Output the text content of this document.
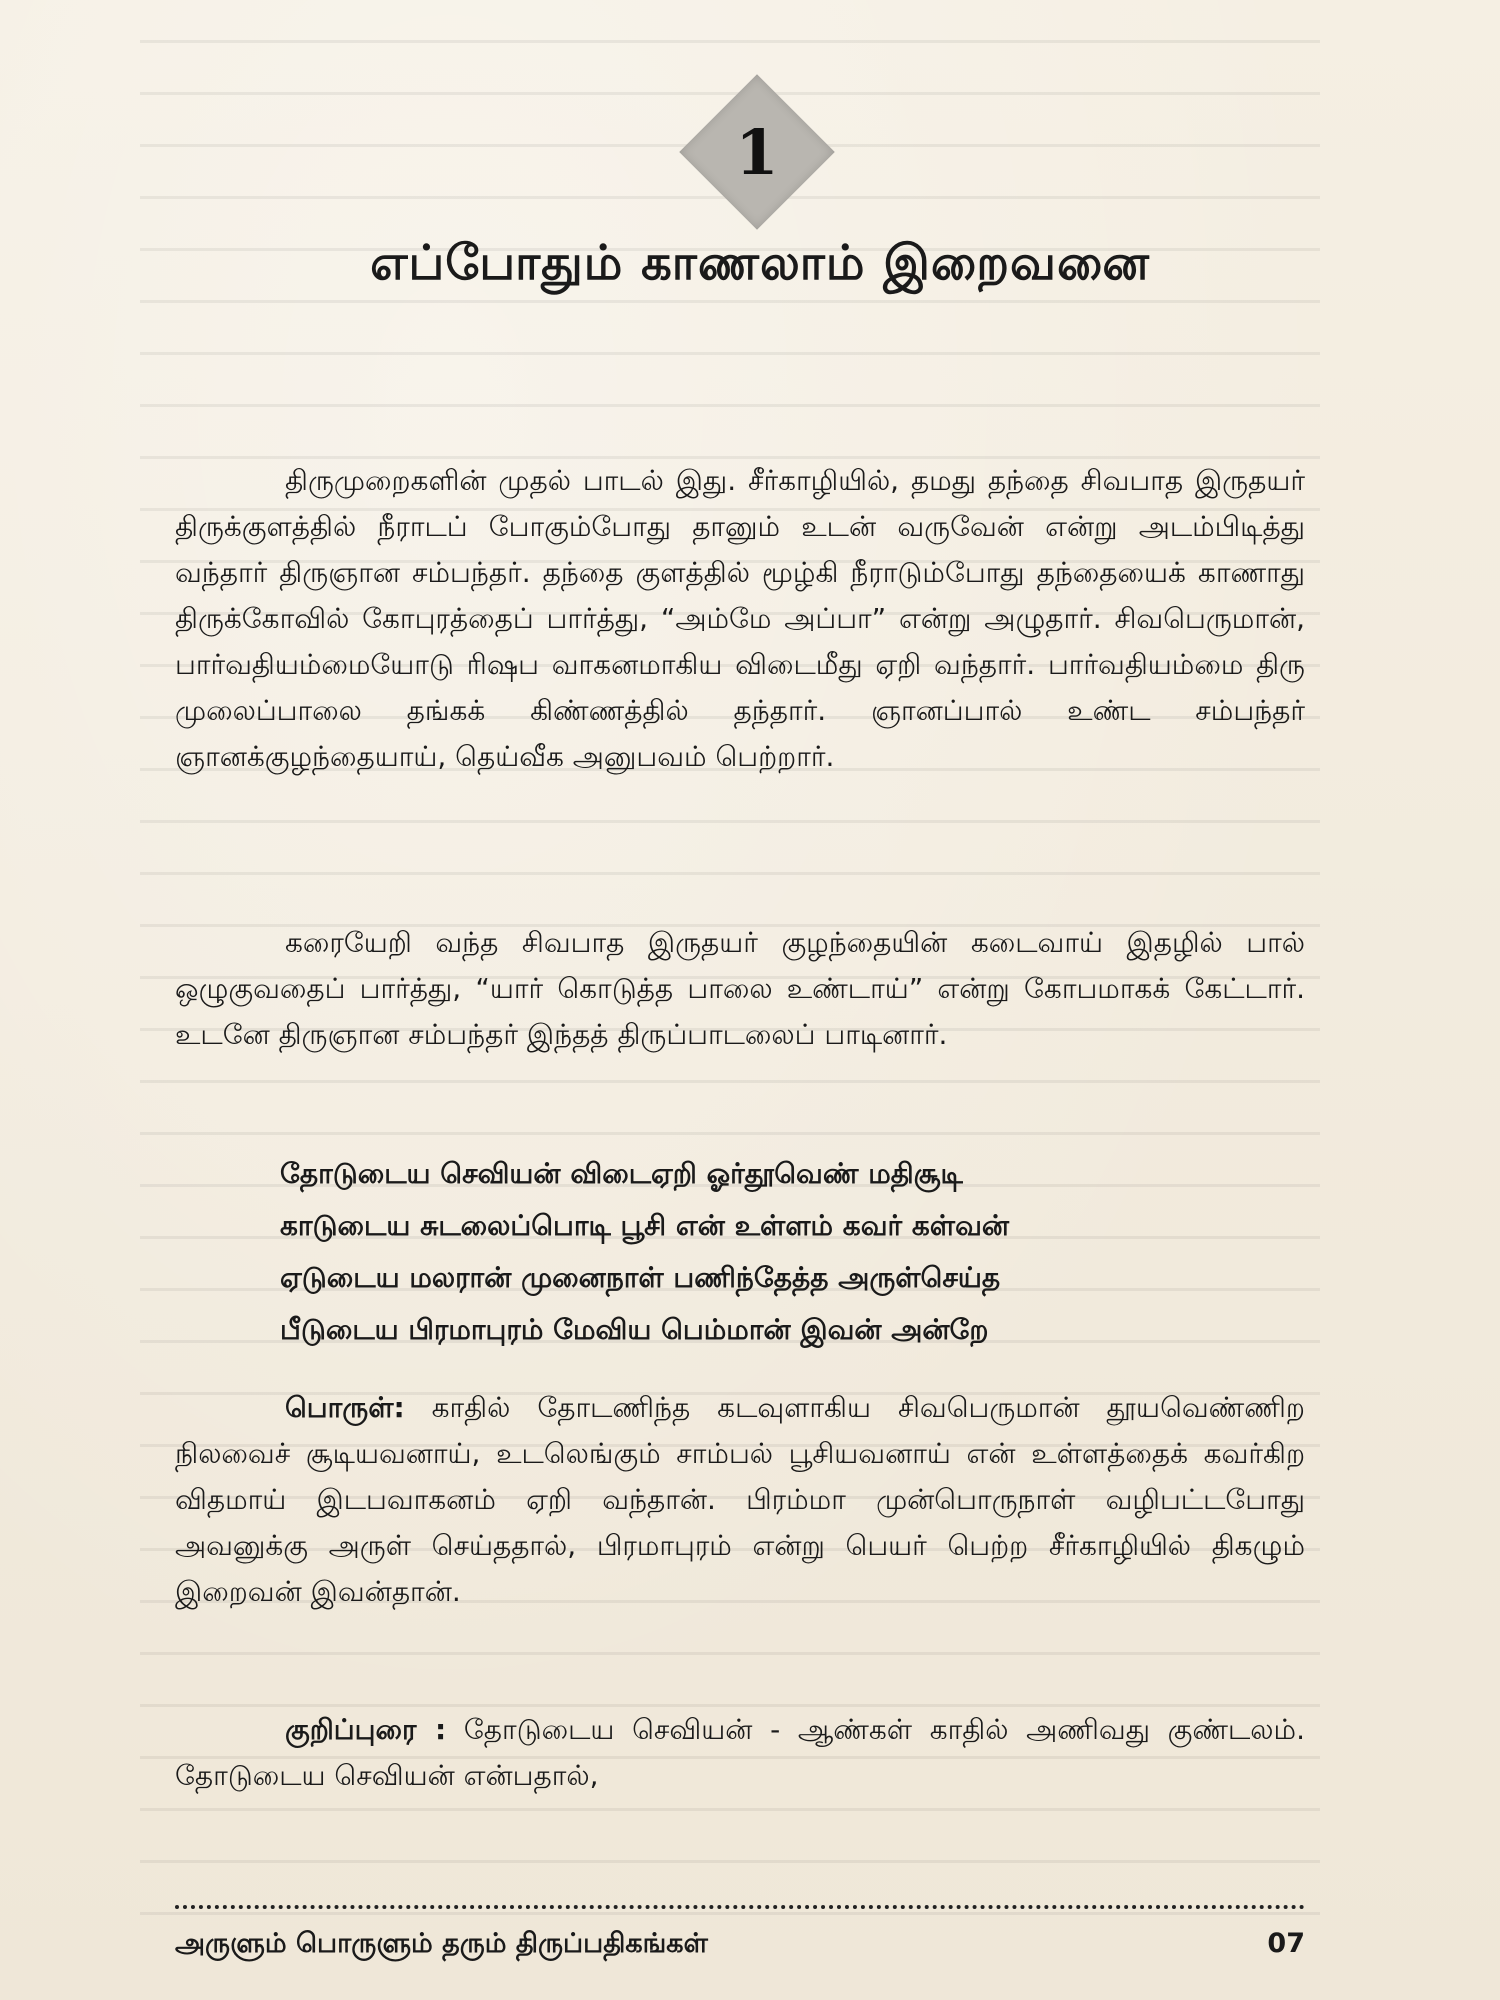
1
எப்போதும் காணலாம் இறைவனை

திருமுறைகளின் முதல் பாடல் இது. சீர்காழியில், தமது தந்தை சிவபாத இருதயர் திருக்குளத்தில் நீராடப் போகும்போது தானும் உடன் வருவேன் என்று அடம்பிடித்து வந்தார் திருஞான சம்பந்தர். தந்தை குளத்தில் மூழ்கி நீராடும்போது தந்தையைக் காணாது திருக்கோவில் கோபுரத்தைப் பார்த்து, “அம்மே அப்பா” என்று அழுதார். சிவபெருமான், பார்வதியம்மையோடு ரிஷப வாகனமாகிய விடைமீது ஏறி வந்தார். பார்வதியம்மை திரு முலைப்பாலை தங்கக் கிண்ணத்தில் தந்தார். ஞானப்பால் உண்ட சம்பந்தர் ஞானக்குழந்தையாய், தெய்வீக அனுபவம் பெற்றார்.

கரையேறி வந்த சிவபாத இருதயர் குழந்தையின் கடைவாய் இதழில் பால் ஒழுகுவதைப் பார்த்து, “யார் கொடுத்த பாலை உண்டாய்” என்று கோபமாகக் கேட்டார். உடனே திருஞான சம்பந்தர் இந்தத் திருப்பாடலைப் பாடினார்.

தோடுடைய செவியன் விடைஏறி ஓர்தூவெண் மதிசூடி
காடுடைய சுடலைப்பொடி பூசி என் உள்ளம் கவர் கள்வன்
ஏடுடைய மலரான் முனைநாள் பணிந்தேத்த அருள்செய்த
பீடுடைய பிரமாபுரம் மேவிய பெம்மான் இவன் அன்றே

பொருள்: காதில் தோடணிந்த கடவுளாகிய சிவபெருமான் தூயவெண்ணிற நிலவைச் சூடியவனாய், உடலெங்கும் சாம்பல் பூசியவனாய் என் உள்ளத்தைக் கவர்கிற விதமாய் இடபவாகனம் ஏறி வந்தான். பிரம்மா முன்பொருநாள் வழிபட்டபோது அவனுக்கு அருள் செய்ததால், பிரமாபுரம் என்று பெயர் பெற்ற சீர்காழியில் திகழும் இறைவன் இவன்தான்.

குறிப்புரை : தோடுடைய செவியன் - ஆண்கள் காதில் அணிவது குண்டலம். தோடுடைய செவியன் என்பதால்,

அருளும் பொருளும் தரும் திருப்பதிகங்கள்	07
